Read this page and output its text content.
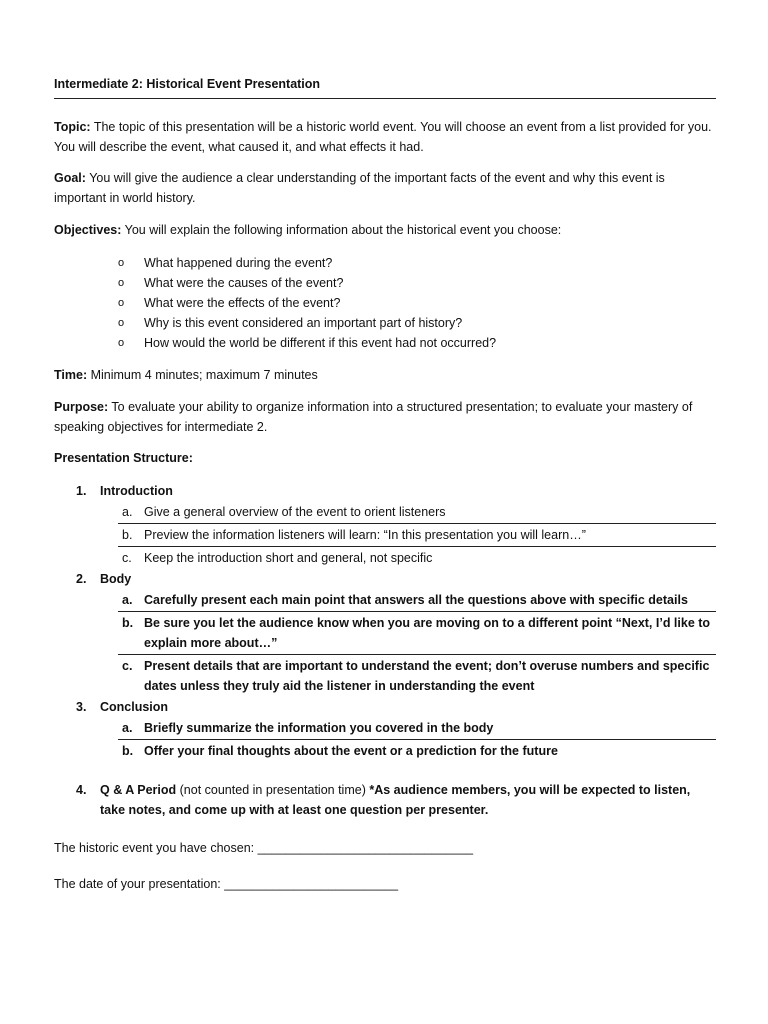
Intermediate 2: Historical Event Presentation

Topic: The topic of this presentation will be a historic world event. You will choose an event from a list provided for you. You will describe the event, what caused it, and what effects it had.

Goal: You will give the audience a clear understanding of the important facts of the event and why this event is important in world history.

Objectives: You will explain the following information about the historical event you choose:

o What happened during the event?
o What were the causes of the event?
o What were the effects of the event?
o Why is this event considered an important part of history?
o How would the world be different if this event had not occurred?

Time: Minimum 4 minutes; maximum 7 minutes

Purpose: To evaluate your ability to organize information into a structured presentation; to evaluate your mastery of speaking objectives for intermediate 2.

Presentation Structure:

1. Introduction
a. Give a general overview of the event to orient listeners
b. Preview the information listeners will learn: “In this presentation you will learn…”
c. Keep the introduction short and general, not specific
2. Body
a. Carefully present each main point that answers all the questions above with specific details
b. Be sure you let the audience know when you are moving on to a different point “Next, I’d like to explain more about…”
c. Present details that are important to understand the event; don’t overuse numbers and specific dates unless they truly aid the listener in understanding the event
3. Conclusion
a. Briefly summarize the information you covered in the body
b. Offer your final thoughts about the event or a prediction for the future
4. Q & A Period (not counted in presentation time) *As audience members, you will be expected to listen, take notes, and come up with at least one question per presenter.

The historic event you have chosen: _______________________________

The date of your presentation: _________________________
